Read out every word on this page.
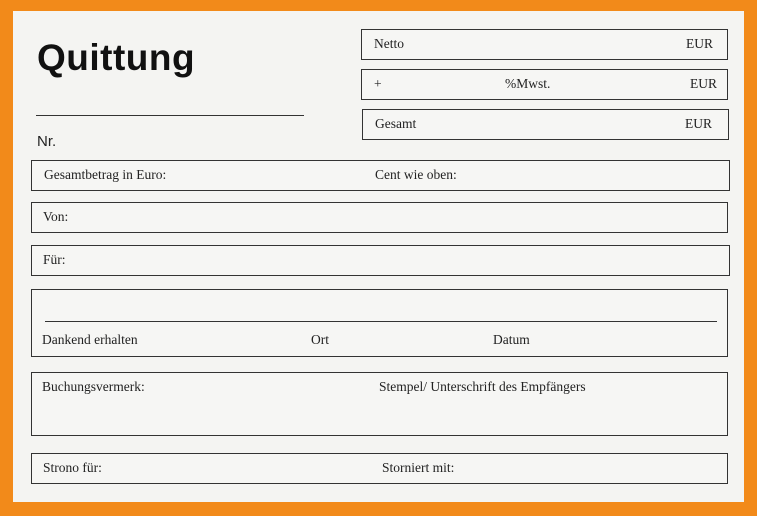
Quittung
Nr.
Netto	EUR
+	%Mwst.	EUR
Gesamt	EUR
Gesamtbetrag in Euro:	Cent wie oben:
Von:
Für:
Dankend erhalten	Ort	Datum
Buchungsvermerk:	Stempel/ Unterschrift des Empfängers
Strono für:	Storniert mit:
